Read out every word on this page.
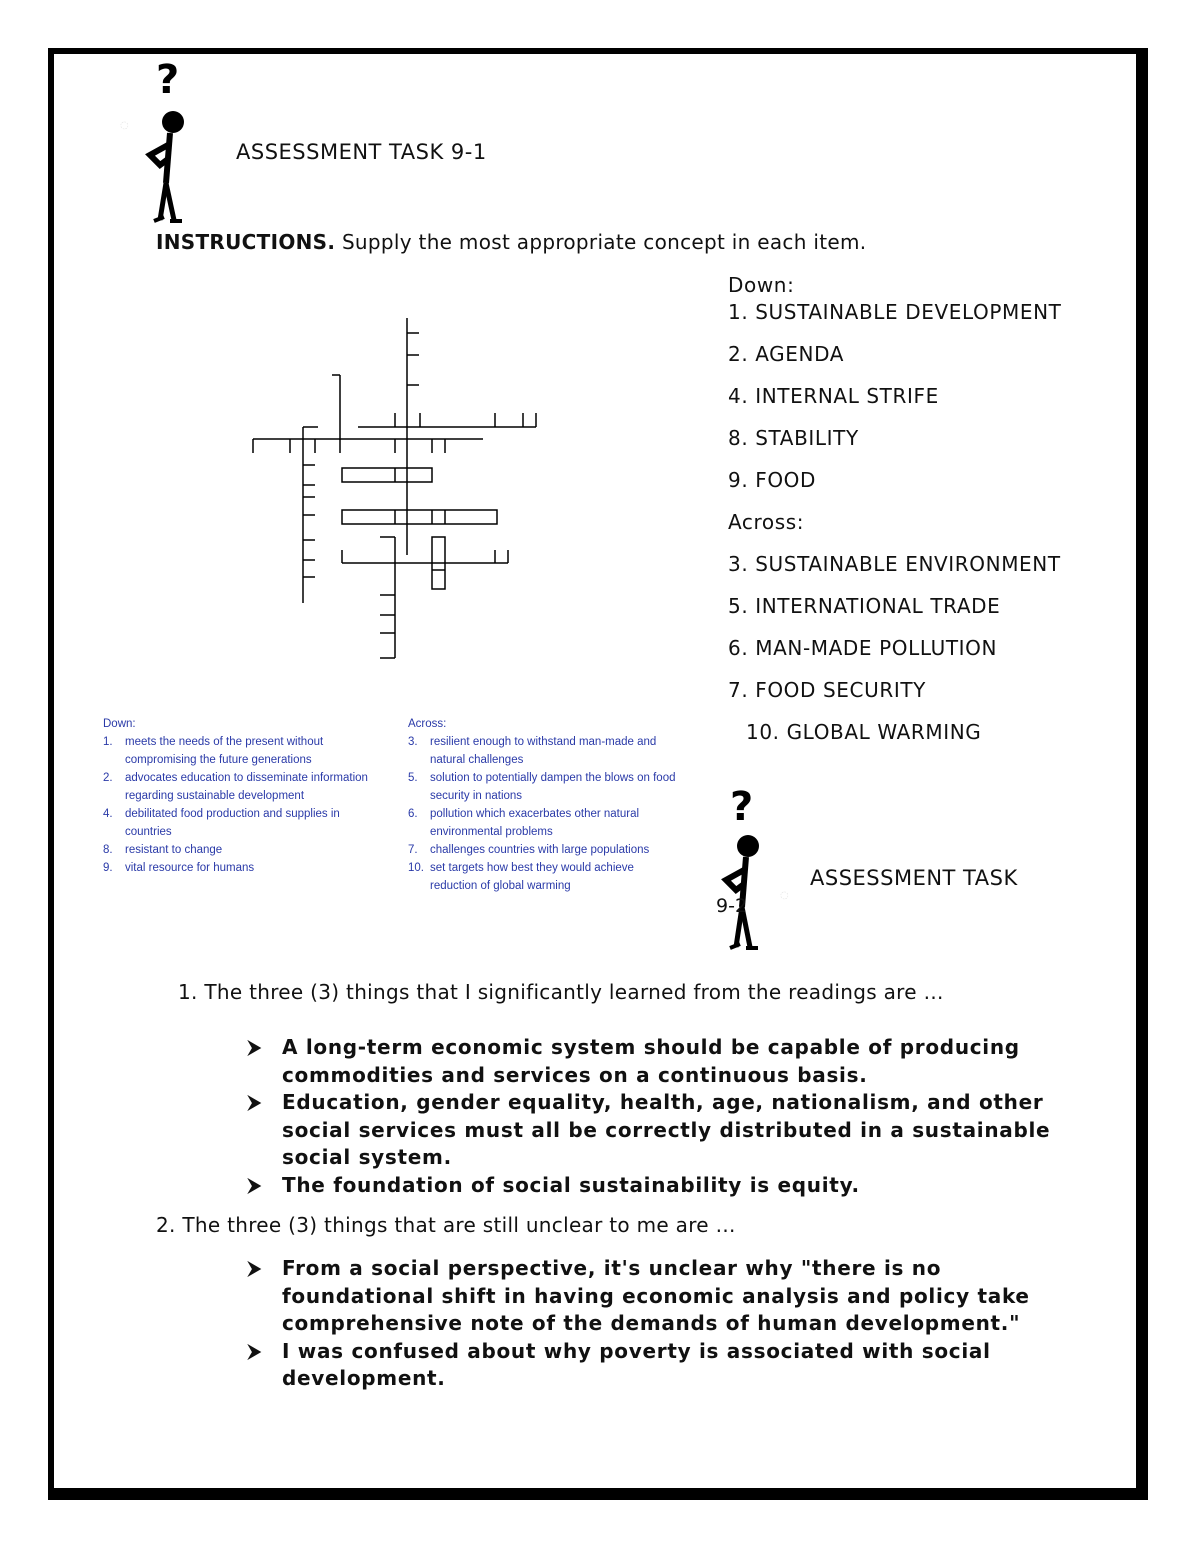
◌
◌
?
ASSESSMENT TASK 9-1
INSTRUCTIONS. Supply the most appropriate concept in each item.
Down:
1. SUSTAINABLE DEVELOPMENT
2. AGENDA
4. INTERNAL STRIFE
8. STABILITY
9. FOOD
Across:
3. SUSTAINABLE ENVIRONMENT
5. INTERNATIONAL TRADE
6. MAN-MADE POLLUTION
7. FOOD SECURITY
10. GLOBAL WARMING
Down:
1.	meets the needs of the present without compromising the future generations
2.	advocates education to disseminate information regarding sustainable development
4.	debilitated food production and supplies in countries
8.	resistant to change
9.	vital resource for humans
Across:
3.	resilient enough to withstand man-made and natural challenges
5.	solution to potentially dampen the blows on food security in nations
6.	pollution which exacerbates other natural environmental problems
7.	challenges countries with large populations
10. set targets how best they would achieve reduction of global warming
?
ASSESSMENT TASK
9-2
1. The three (3) things that I significantly learned from the readings are …
⮞	A long-term economic system should be capable of producing commodities and services on a continuous basis.
⮞	Education, gender equality, health, age, nationalism, and other social services must all be correctly distributed in a sustainable social system.
⮞	The foundation of social sustainability is equity.
2. The three (3) things that are still unclear to me are …
⮞	From a social perspective, it's unclear why "there is no foundational shift in having economic analysis and policy take comprehensive note of the demands of human development."
⮞	I was confused about why poverty is associated with social development.
